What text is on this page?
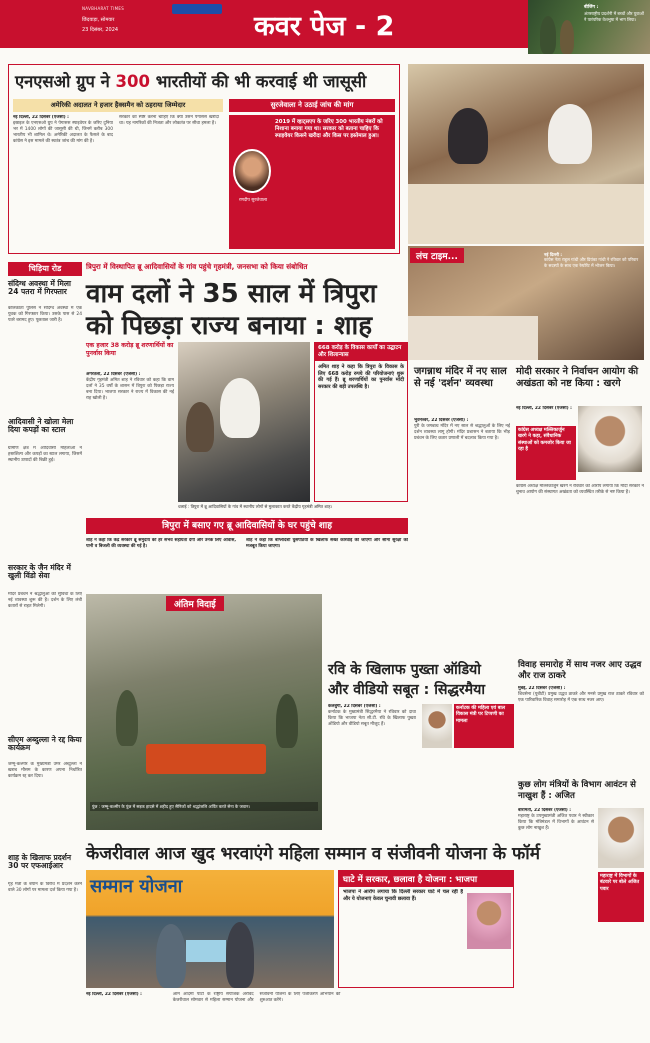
NAVBHARAT TIMES
छिंदवाड़ा, सोमवार
23 दिसंबर, 2024	कवर पेज - 2
बीजिंग :
अंतरराष्ट्रीय प्रदर्शनी में बच्चों और युवाओं ने पारंपरिक वेशभूषा में भाग लिया।
एनएसओ ग्रुप ने 300 भारतीयों की भी करवाई थी जासूसी
अमेरिकी अदालत ने हजार हैक्समैन को ठहराया जिम्मेदार	सुरजेवाला ने उठाई जांच की मांग
नई दिल्ली, 22 दिसंबर (एजेंसी) :
इस्राइल के एनएसओ ग्रुप ने पेगासस स्पाइवेयर के जरिए दुनिया भर में 1400 लोगों की जासूसी की थी, जिनमें करीब 300 भारतीय भी शामिल थे। अमेरिकी अदालत के फैसले के बाद कांग्रेस ने इस मामले की स्वतंत्र जांच की मांग की है।
सरकार को स्पष्ट करना चाहिए कि क्या उसने पेगासस खरीदा था। यह नागरिकों की निजता और लोकतंत्र पर सीधा हमला है।	2019 में व्हाट्सएप के जरिए 300 भारतीय नंबरों को निशाना बनाया गया था। सरकार को बताना चाहिए कि स्पाइवेयर किसने खरीदा और किस पर इस्तेमाल हुआ।
रणदीप सुरजेवाला
लंच टाइम...	नई दिल्ली :
कांग्रेस नेता राहुल गांधी और प्रियंका गांधी ने रविवार को परिवार के सदस्यों के साथ एक रेस्टोरेंट में भोजन किया।
चिड़िया रोड
संदिग्ध अवस्था में मिला 24 पतरा में गिरफ्तार
कोलकाता पुलिस ने संदिग्ध अवस्था में एक युवक को गिरफ्तार किया। उसके पास से 24 पतरे बरामद हुए। पूछताछ जारी है।
आदिवासी ने खोला मेला दिया कपड़ों का स्टाल
ग्रामीण क्षेत्र में आदिवासी महिलाओं ने हस्तशिल्प और कपड़ों का स्टाल लगाया, जिसमें स्थानीय उत्पादों की बिक्री हुई।
सरकार के जैन मंदिर में खुली विंडो सेवा
मंदिर प्रबंधन ने श्रद्धालुओं की सुविधा के लिए नई व्यवस्था शुरू की है। दर्शन के लिए लंबी कतारों से राहत मिलेगी।
सीएम अब्दुल्ला ने रद्द किया कार्यक्रम
जम्मू-कश्मीर के मुख्यमंत्री उमर अब्दुल्ला ने खराब मौसम के कारण अपना निर्धारित कार्यक्रम रद्द कर दिया।
शाह के खिलाफ प्रदर्शन 30 पर एफआईआर
गृह मंत्री के बयान के विरोध में प्रदर्शन करने वाले 30 लोगों पर मामला दर्ज किया गया है।
त्रिपुरा में विस्थापित ब्रू आदिवासियों के गांव पहुंचे गृहमंत्री, जनसभा को किया संबोधित
वाम दलों ने 35 साल में त्रिपुरा
को पिछड़ा राज्य बनाया : शाह
एक हजार 38 करोड़ ब्रू शरणार्थियों का पुनर्वास किया
668 करोड़ के विकास कार्यों का उद्घाटन और शिलान्यास
अमित शाह ने कहा कि त्रिपुरा के विकास के लिए 668 करोड़ रुपये की परियोजनाएं शुरू की गई हैं। ब्रू शरणार्थियों का पुनर्वास मोदी सरकार की बड़ी उपलब्धि है।
अगरतला, 22 दिसंबर (एजेंसी) :
केंद्रीय गृहमंत्री अमित शाह ने रविवार को कहा कि वाम दलों ने 35 वर्षों के शासन में त्रिपुरा को पिछड़ा राज्य बना दिया। भाजपा सरकार ने राज्य में विकास की नई राह खोली है।
धलाई : त्रिपुरा में ब्रू आदिवासियों के गांव में स्थानीय लोगों से मुलाकात करते केंद्रीय गृहमंत्री अमित शाह।
त्रिपुरा में बसाए गए ब्रू आदिवासियों के घर पहुंचे शाह
शाह ने कहा कि केंद्र सरकार ब्रू समुदाय को हर संभव सहायता देगी और उनके लिए आवास, पानी व बिजली की व्यवस्था की गई है।
शाह ने कहा कि बांग्लादेशी घुसपैठियों के खिलाफ सख्त कार्रवाई की जाएगी और सीमा सुरक्षा को मजबूत किया जाएगा।
जगन्नाथ मंदिर में नए साल से नई 'दर्शन' व्यवस्था
भुवनेश्वर, 22 दिसंबर (एजेंसी) :
पुरी के जगन्नाथ मंदिर में नए साल से श्रद्धालुओं के लिए नई दर्शन व्यवस्था लागू होगी। मंदिर प्रशासन ने बताया कि भीड़ प्रबंधन के लिए कतार प्रणाली में बदलाव किया गया है।
मोदी सरकार ने निर्वाचन आयोग की अखंडता को नष्ट किया : खरगे
नई दिल्ली, 22 दिसंबर (एजेंसी) :
कांग्रेस अध्यक्ष मल्लिकार्जुन खरगे ने कहा, संवैधानिक संस्थाओं को कमजोर किया जा रहा है
कांग्रेस अध्यक्ष मल्लिकार्जुन खरगे ने रविवार को आरोप लगाया कि मोदी सरकार ने चुनाव आयोग की संस्थागत अखंडता को व्यवस्थित तरीके से नष्ट किया है।
अंतिम विदाई
पुंछ : जम्मू-कश्मीर के पुंछ में सड़क हादसे में शहीद हुए सैनिकों को श्रद्धांजलि अर्पित करते सेना के जवान।
रवि के खिलाफ पुख्ता ऑडियो
और वीडियो सबूत : सिद्धरमैया
कलबुर्गी, 22 दिसंबर (एजेंसी) :
कर्नाटक के मुख्यमंत्री सिद्धरमैया ने रविवार को दावा किया कि भाजपा नेता सी.टी. रवि के खिलाफ पुख्ता ऑडियो और वीडियो सबूत मौजूद हैं।
कर्नाटक की महिला एवं बाल विकास मंत्री पर टिप्पणी का मामला
विवाह समारोह में साथ नजर आए उद्धव और राज ठाकरे
मुंबई, 22 दिसंबर (एजेंसी) :
शिवसेना (यूबीटी) प्रमुख उद्धव ठाकरे और मनसे प्रमुख राज ठाकरे रविवार को एक पारिवारिक विवाह समारोह में एक साथ नजर आए।
कुछ लोग मंत्रियों के विभाग आवंटन से नाखुश हैं : अजित
बारामती, 22 दिसंबर (एजेंसी) :
महाराष्ट्र के उपमुख्यमंत्री अजित पवार ने स्वीकार किया कि मंत्रिमंडल में विभागों के आवंटन से कुछ लोग नाखुश हैं।
महाराष्ट्र में विभागों के बंटवारे पर बोले अजित पवार
केजरीवाल आज खुद भरवाएंगे महिला सम्मान व संजीवनी योजना के फॉर्म
सम्मान योजना	घाटे में सरकार, छलावा है योजना : भाजपा
भाजपा ने आरोप लगाया कि दिल्ली सरकार घाटे में चल रही है और ये योजनाएं केवल चुनावी छलावा हैं।
नई दिल्ली, 22 दिसंबर (एजेंसी) :	आम आदमी पार्टी के राष्ट्रीय संयोजक अरविंद केजरीवाल सोमवार से महिला सम्मान योजना और संजीवनी योजना के लिए पंजीकरण अभियान की शुरुआत करेंगे।
